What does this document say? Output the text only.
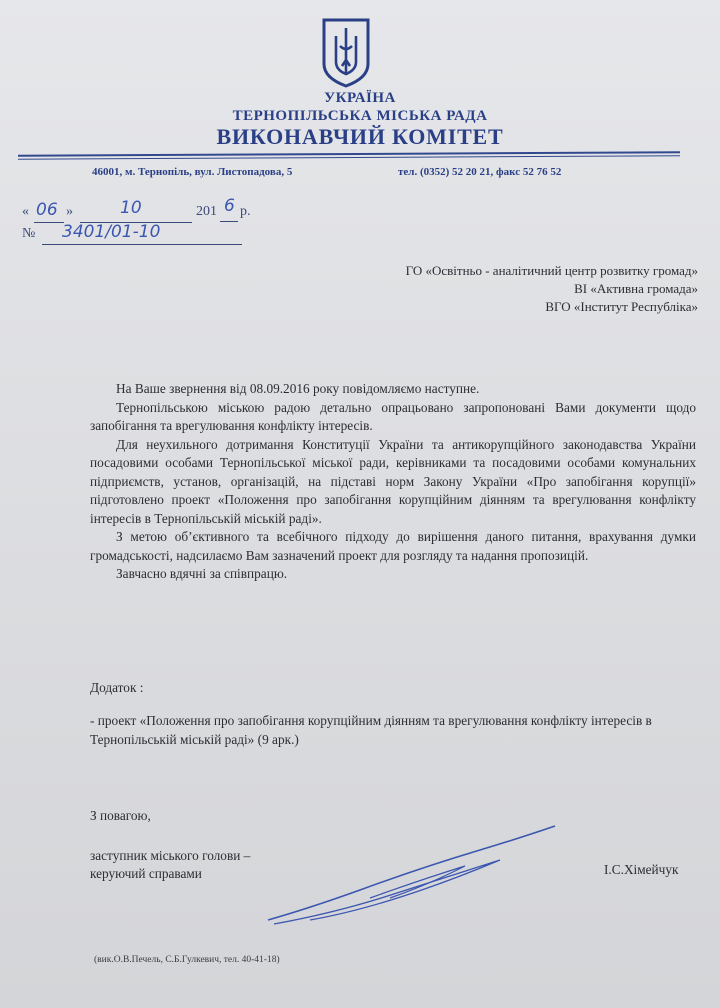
УКРАЇНА
ТЕРНОПІЛЬСЬКА МІСЬКА РАДА
ВИКОНАВЧИЙ КОМІТЕТ
46001, м. Тернопіль, вул. Листопадова, 5	тел. (0352) 52 20 21, факс 52 76 52
« 06 »	10	201 6 р.
№ 3401/01-10
ГО «Освітньо - аналітичний центр розвитку громад»
ВІ «Активна громада»
ВГО «Інститут Республіка»

На Ваше звернення від 08.09.2016 року повідомляємо наступне.

Тернопільською міською радою детально опрацьовано запропоновані Вами документи щодо запобігання та врегулювання конфлікту інтересів.

Для неухильного дотримання Конституції України та антикорупційного законодавства України посадовими особами Тернопільської міської ради, керівниками та посадовими особами комунальних підприємств, установ, організацій, на підставі норм Закону України «Про запобігання корупції» підготовлено проект «Положення про запобігання корупційним діянням та врегулювання конфлікту інтересів в Тернопільській міській раді».

З метою об’єктивного та всебічного підходу до вирішення даного питання, врахування думки громадськості, надсилаємо Вам зазначений проект для розгляду та надання пропозицій.

Завчасно вдячні за співпрацю.

Додаток :
- проект «Положення про запобігання корупційним діянням та врегулювання конфлікту інтересів в Тернопільській міській раді» (9 арк.)
З повагою,
заступник міського голови –
керуючий справами	І.С.Хімейчук
(вик.О.В.Печель, С.Б.Гулкевич, тел. 40-41-18)
